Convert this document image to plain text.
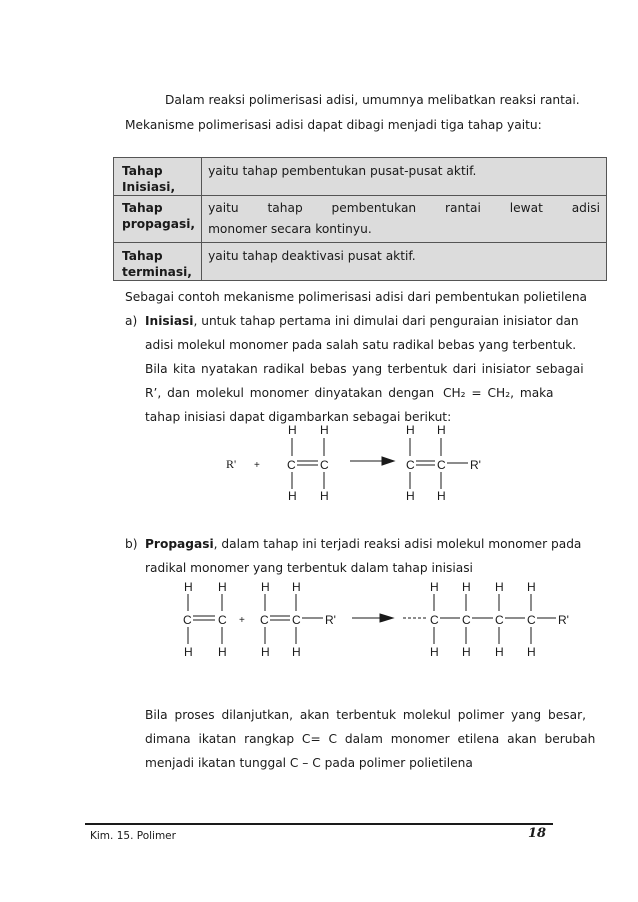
Dalam reaksi polimerisasi adisi, umumnya melibatkan reaksi rantai.
Mekanisme polimerisasi adisi dapat dibagi menjadi tiga tahap yaitu:
Tahap Inisiasi,	yaitu tahap pembentukan pusat-pusat aktif.
Tahap propagasi,	yaitu tahap pembentukan rantai lewat adisi
monomer secara kontinyu.

Tahap terminasi,	yaitu tahap deaktivasi pusat aktif.
Sebagai contoh mekanisme polimerisasi adisi dari pembentukan polietilena
a) Inisiasi, untuk tahap pertama ini dimulai dari penguraian inisiator dan
adisi molekul monomer pada salah satu radikal bebas yang terbentuk.
Bila kita nyatakan radikal bebas yang terbentuk dari inisiator sebagai
R’, dan molekul monomer dinyatakan dengan CH₂ = CH₂, maka
tahap inisiasi dapat digambarkan sebagai berikut:
R' + C C
H H
H H
C C R'
H H
H H
b) Propagasi, dalam tahap ini terjadi reaksi adisi molekul monomer pada
radikal monomer yang terbentuk dalam tahap inisiasi
C C
H H
H H
+ C C R'
H H
H H
C C C C R'
H H H H
H H H H
Bila proses dilanjutkan, akan terbentuk molekul polimer yang besar,
dimana ikatan rangkap C= C dalam monomer etilena akan berubah
menjadi ikatan tunggal C – C pada polimer polietilena
Kim. 15. Polimer	18
